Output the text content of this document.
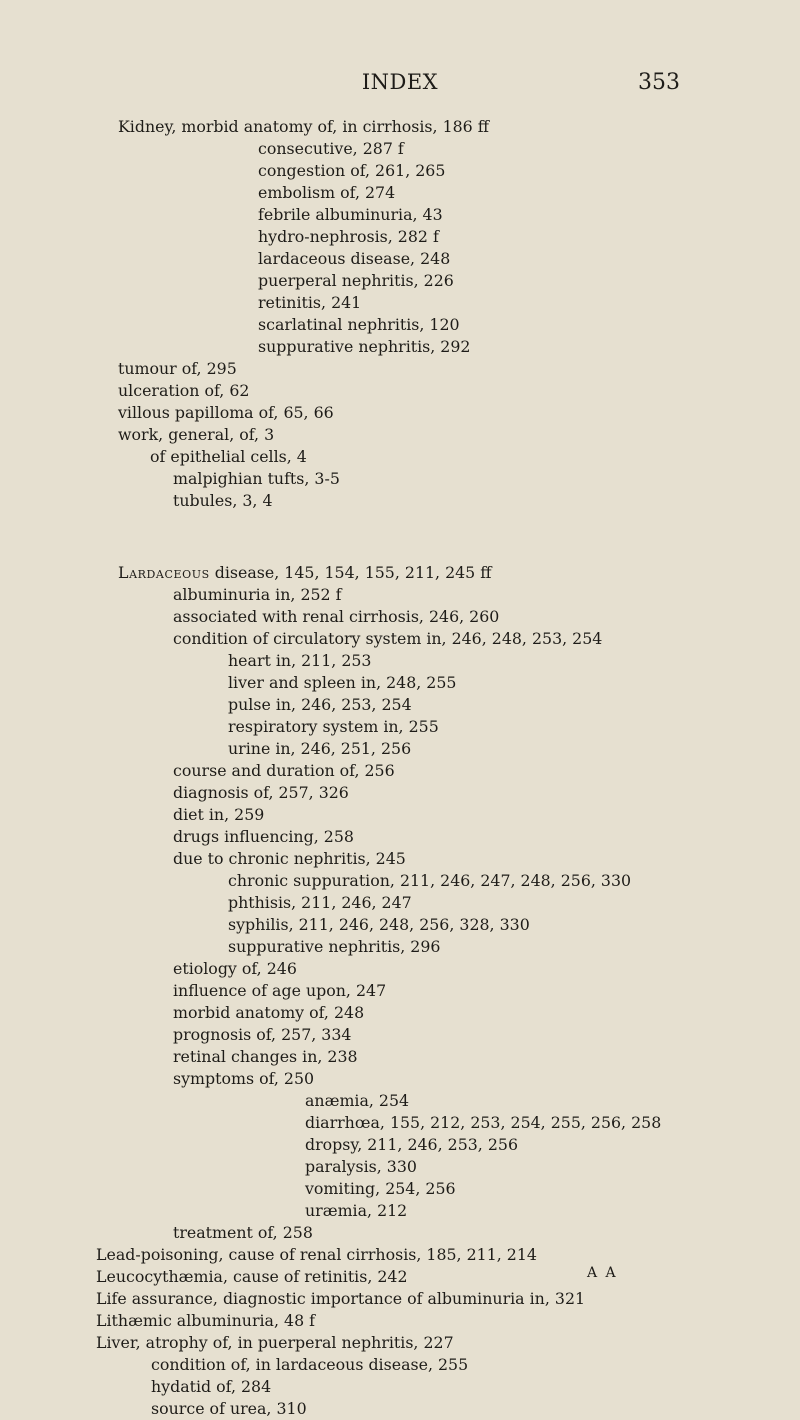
INDEX	353
Kidney, morbid anatomy of, in cirrhosis, 186 ff
consecutive, 287 f
congestion of, 261, 265
embolism of, 274
febrile albuminuria, 43
hydro-nephrosis, 282 f
lardaceous disease, 248
puerperal nephritis, 226
retinitis, 241
scarlatinal nephritis, 120
suppurative nephritis, 292
tumour of, 295
ulceration of, 62
villous papilloma of, 65, 66
work, general, of, 3
of epithelial cells, 4
malpighian tufts, 3-5
tubules, 3, 4
Lardaceous disease, 145, 154, 155, 211, 245 ff
albuminuria in, 252 f
associated with renal cirrhosis, 246, 260
condition of circulatory system in, 246, 248, 253, 254
heart in, 211, 253
liver and spleen in, 248, 255
pulse in, 246, 253, 254
respiratory system in, 255
urine in, 246, 251, 256
course and duration of, 256
diagnosis of, 257, 326
diet in, 259
drugs influencing, 258
due to chronic nephritis, 245
chronic suppuration, 211, 246, 247, 248, 256, 330
phthisis, 211, 246, 247
syphilis, 211, 246, 248, 256, 328, 330
suppurative nephritis, 296
etiology of, 246
influence of age upon, 247
morbid anatomy of, 248
prognosis of, 257, 334
retinal changes in, 238
symptoms of, 250
anæmia, 254
diarrhœa, 155, 212, 253, 254, 255, 256, 258
dropsy, 211, 246, 253, 256
paralysis, 330
vomiting, 254, 256
uræmia, 212
treatment of, 258
Lead-poisoning, cause of renal cirrhosis, 185, 211, 214
Leucocythæmia, cause of retinitis, 242
Life assurance, diagnostic importance of albuminuria in, 321
Lithæmic albuminuria, 48 f
Liver, atrophy of, in puerperal nephritis, 227
condition of, in lardaceous disease, 255
hydatid of, 284
source of urea, 310
A A
